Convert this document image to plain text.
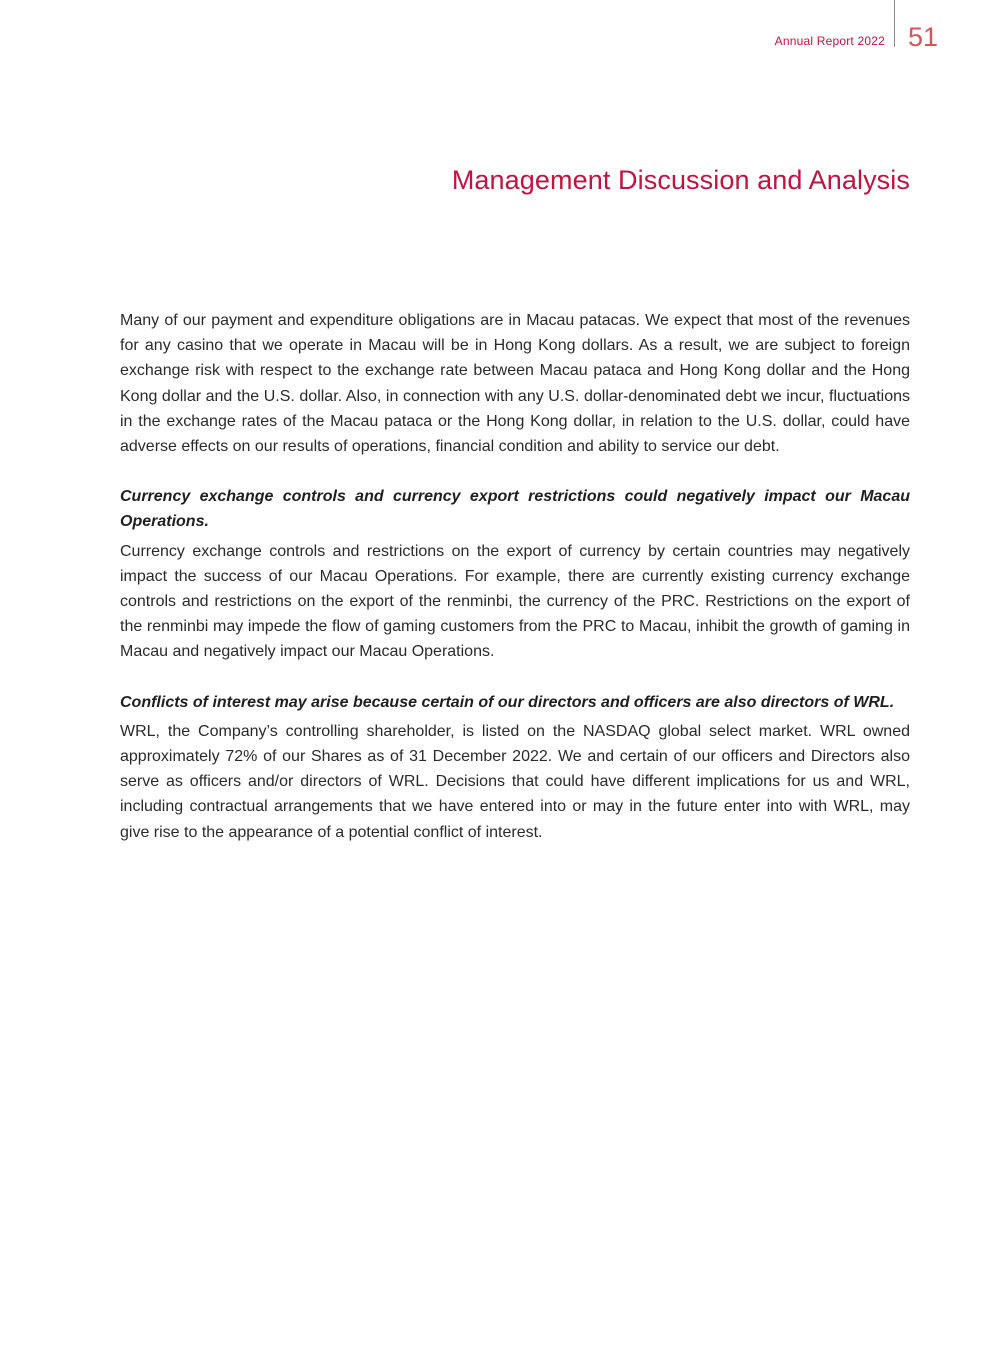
Annual Report 2022 51
Management Discussion and Analysis

Many of our payment and expenditure obligations are in Macau patacas. We expect that most of the revenues for any casino that we operate in Macau will be in Hong Kong dollars. As a result, we are subject to foreign exchange risk with respect to the exchange rate between Macau pataca and Hong Kong dollar and the Hong Kong dollar and the U.S. dollar. Also, in connection with any U.S. dollar-denominated debt we incur, fluctuations in the exchange rates of the Macau pataca or the Hong Kong dollar, in relation to the U.S. dollar, could have adverse effects on our results of operations, financial condition and ability to service our debt.

Currency exchange controls and currency export restrictions could negatively impact our Macau Operations.

Currency exchange controls and restrictions on the export of currency by certain countries may negatively impact the success of our Macau Operations. For example, there are currently existing currency exchange controls and restrictions on the export of the renminbi, the currency of the PRC. Restrictions on the export of the renminbi may impede the flow of gaming customers from the PRC to Macau, inhibit the growth of gaming in Macau and negatively impact our Macau Operations.

Conflicts of interest may arise because certain of our directors and officers are also directors of WRL.

WRL, the Company’s controlling shareholder, is listed on the NASDAQ global select market. WRL owned approximately 72% of our Shares as of 31 December 2022. We and certain of our officers and Directors also serve as officers and/or directors of WRL. Decisions that could have different implications for us and WRL, including contractual arrangements that we have entered into or may in the future enter into with WRL, may give rise to the appearance of a potential conflict of interest.
